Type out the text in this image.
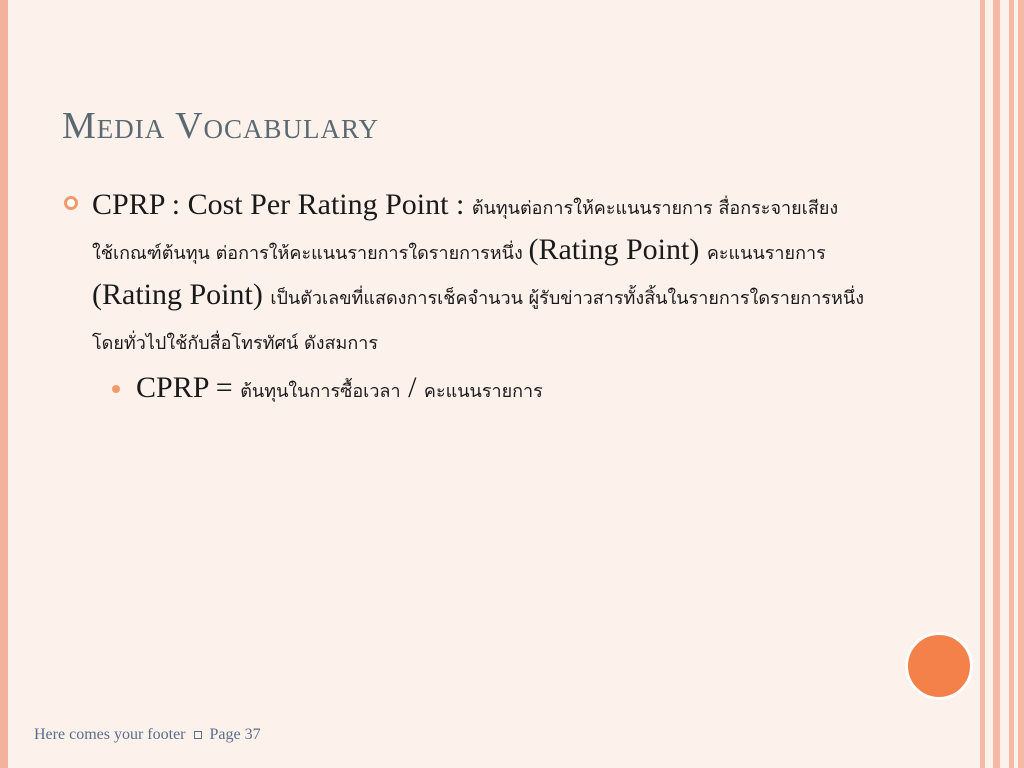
Media Vocabulary
CPRP : Cost Per Rating Point : ต้นทุนต่อการให้คะแนนรายการ สื่อกระจายเสียง ใช้เกณฑ์ต้นทุน ต่อการให้คะแนนรายการใดรายการหนึ่ง (Rating Point) คะแนนรายการ (Rating Point) เป็นตัวเลขที่แสดงการเช็คจำนวน ผู้รับข่าวสารทั้งสิ้นในรายการใดรายการหนึ่ง โดยทั่วไปใช้กับสื่อโทรทัศน์ ดังสมการ
CPRP = ต้นทุนในการซื้อเวลา / คะแนนรายการ
Here comes your footer Page 37
